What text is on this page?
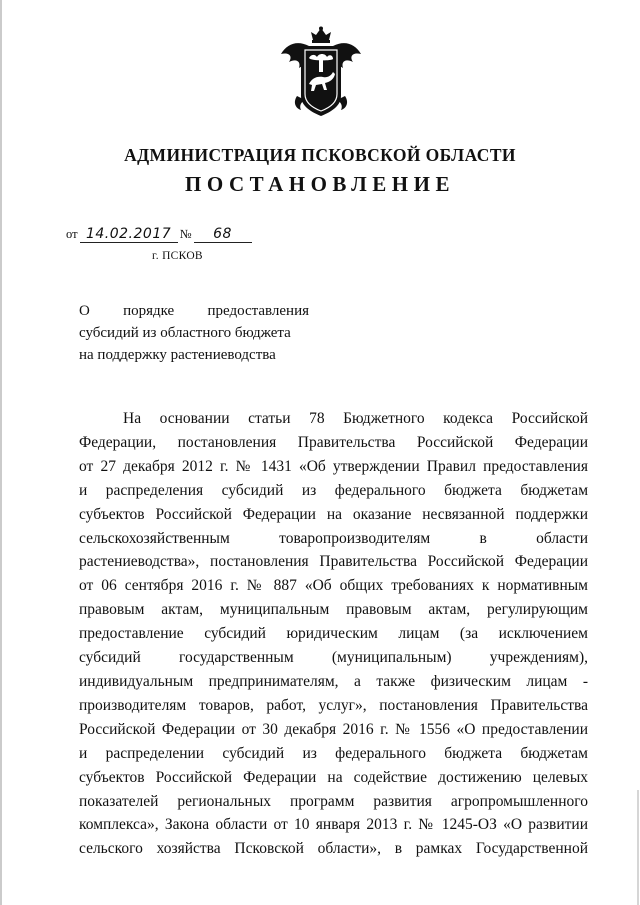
АДМИНИСТРАЦИЯ ПСКОВСКОЙ ОБЛАСТИ
ПОСТАНОВЛЕНИЕ
от 14.02.2017 № 68
г. ПСКОВ
О порядке предоставления
субсидий из областного бюджета
на поддержку растениеводства
На основании статьи 78 Бюджетного кодекса Российской
Федерации, постановления Правительства Российской Федерации
от 27 декабря 2012 г. № 1431 «Об утверждении Правил предоставления
и распределения субсидий из федерального бюджета бюджетам
субъектов Российской Федерации на оказание несвязанной поддержки
сельскохозяйственным товаропроизводителям в области
растениеводства», постановления Правительства Российской Федерации
от 06 сентября 2016 г. № 887 «Об общих требованиях к нормативным
правовым актам, муниципальным правовым актам, регулирующим
предоставление субсидий юридическим лицам (за исключением
субсидий государственным (муниципальным) учреждениям),
индивидуальным предпринимателям, а также физическим лицам -
производителям товаров, работ, услуг», постановления Правительства
Российской Федерации от 30 декабря 2016 г. № 1556 «О предоставлении
и распределении субсидий из федерального бюджета бюджетам
субъектов Российской Федерации на содействие достижению целевых
показателей региональных программ развития агропромышленного
комплекса», Закона области от 10 января 2013 г. № 1245-ОЗ «О развитии
сельского хозяйства Псковской области», в рамках Государственной
